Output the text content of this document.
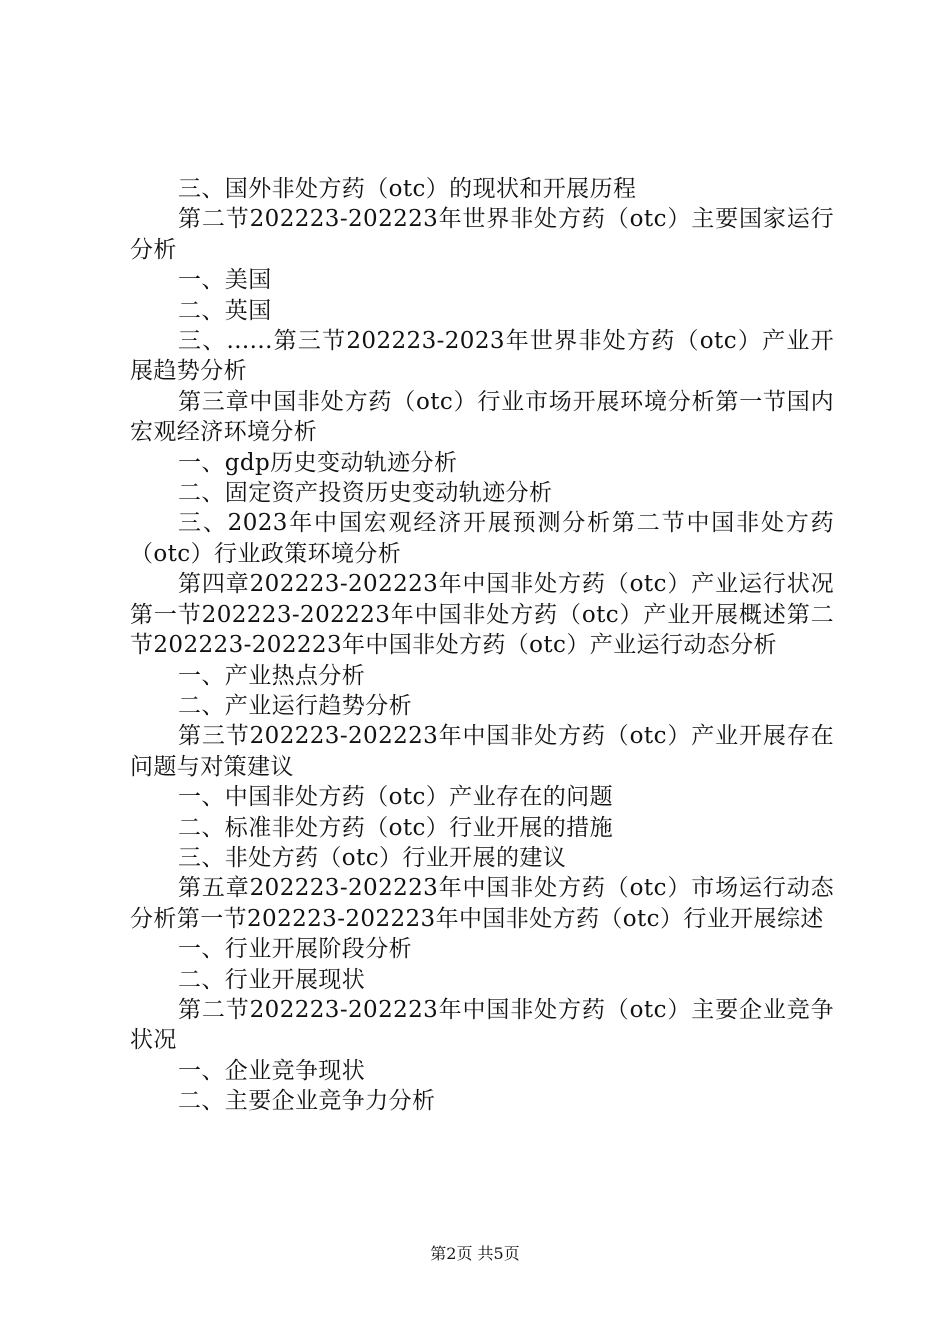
三、国外非处方药（otc）的现状和开展历程

第二节202223-202223年世界非处方药（otc）主要国家运行分析

一、美国

二、英国

三、......第三节202223-2023年世界非处方药（otc）产业开展趋势分析

第三章中国非处方药（otc）行业市场开展环境分析第一节国内宏观经济环境分析

一、gdp历史变动轨迹分析

二、固定资产投资历史变动轨迹分析

三、2023年中国宏观经济开展预测分析第二节中国非处方药（otc）行业政策环境分析

第四章202223-202223年中国非处方药（otc）产业运行状况第一节202223-202223年中国非处方药（otc）产业开展概述第二节202223-202223年中国非处方药（otc）产业运行动态分析

一、产业热点分析

二、产业运行趋势分析

第三节202223-202223年中国非处方药（otc）产业开展存在问题与对策建议

一、中国非处方药（otc）产业存在的问题

二、标准非处方药（otc）行业开展的措施

三、非处方药（otc）行业开展的建议

第五章202223-202223年中国非处方药（otc）市场运行动态分析第一节202223-202223年中国非处方药（otc）行业开展综述

一、行业开展阶段分析

二、行业开展现状

第二节202223-202223年中国非处方药（otc）主要企业竞争状况

一、企业竞争现状

二、主要企业竞争力分析

第2页 共5页
